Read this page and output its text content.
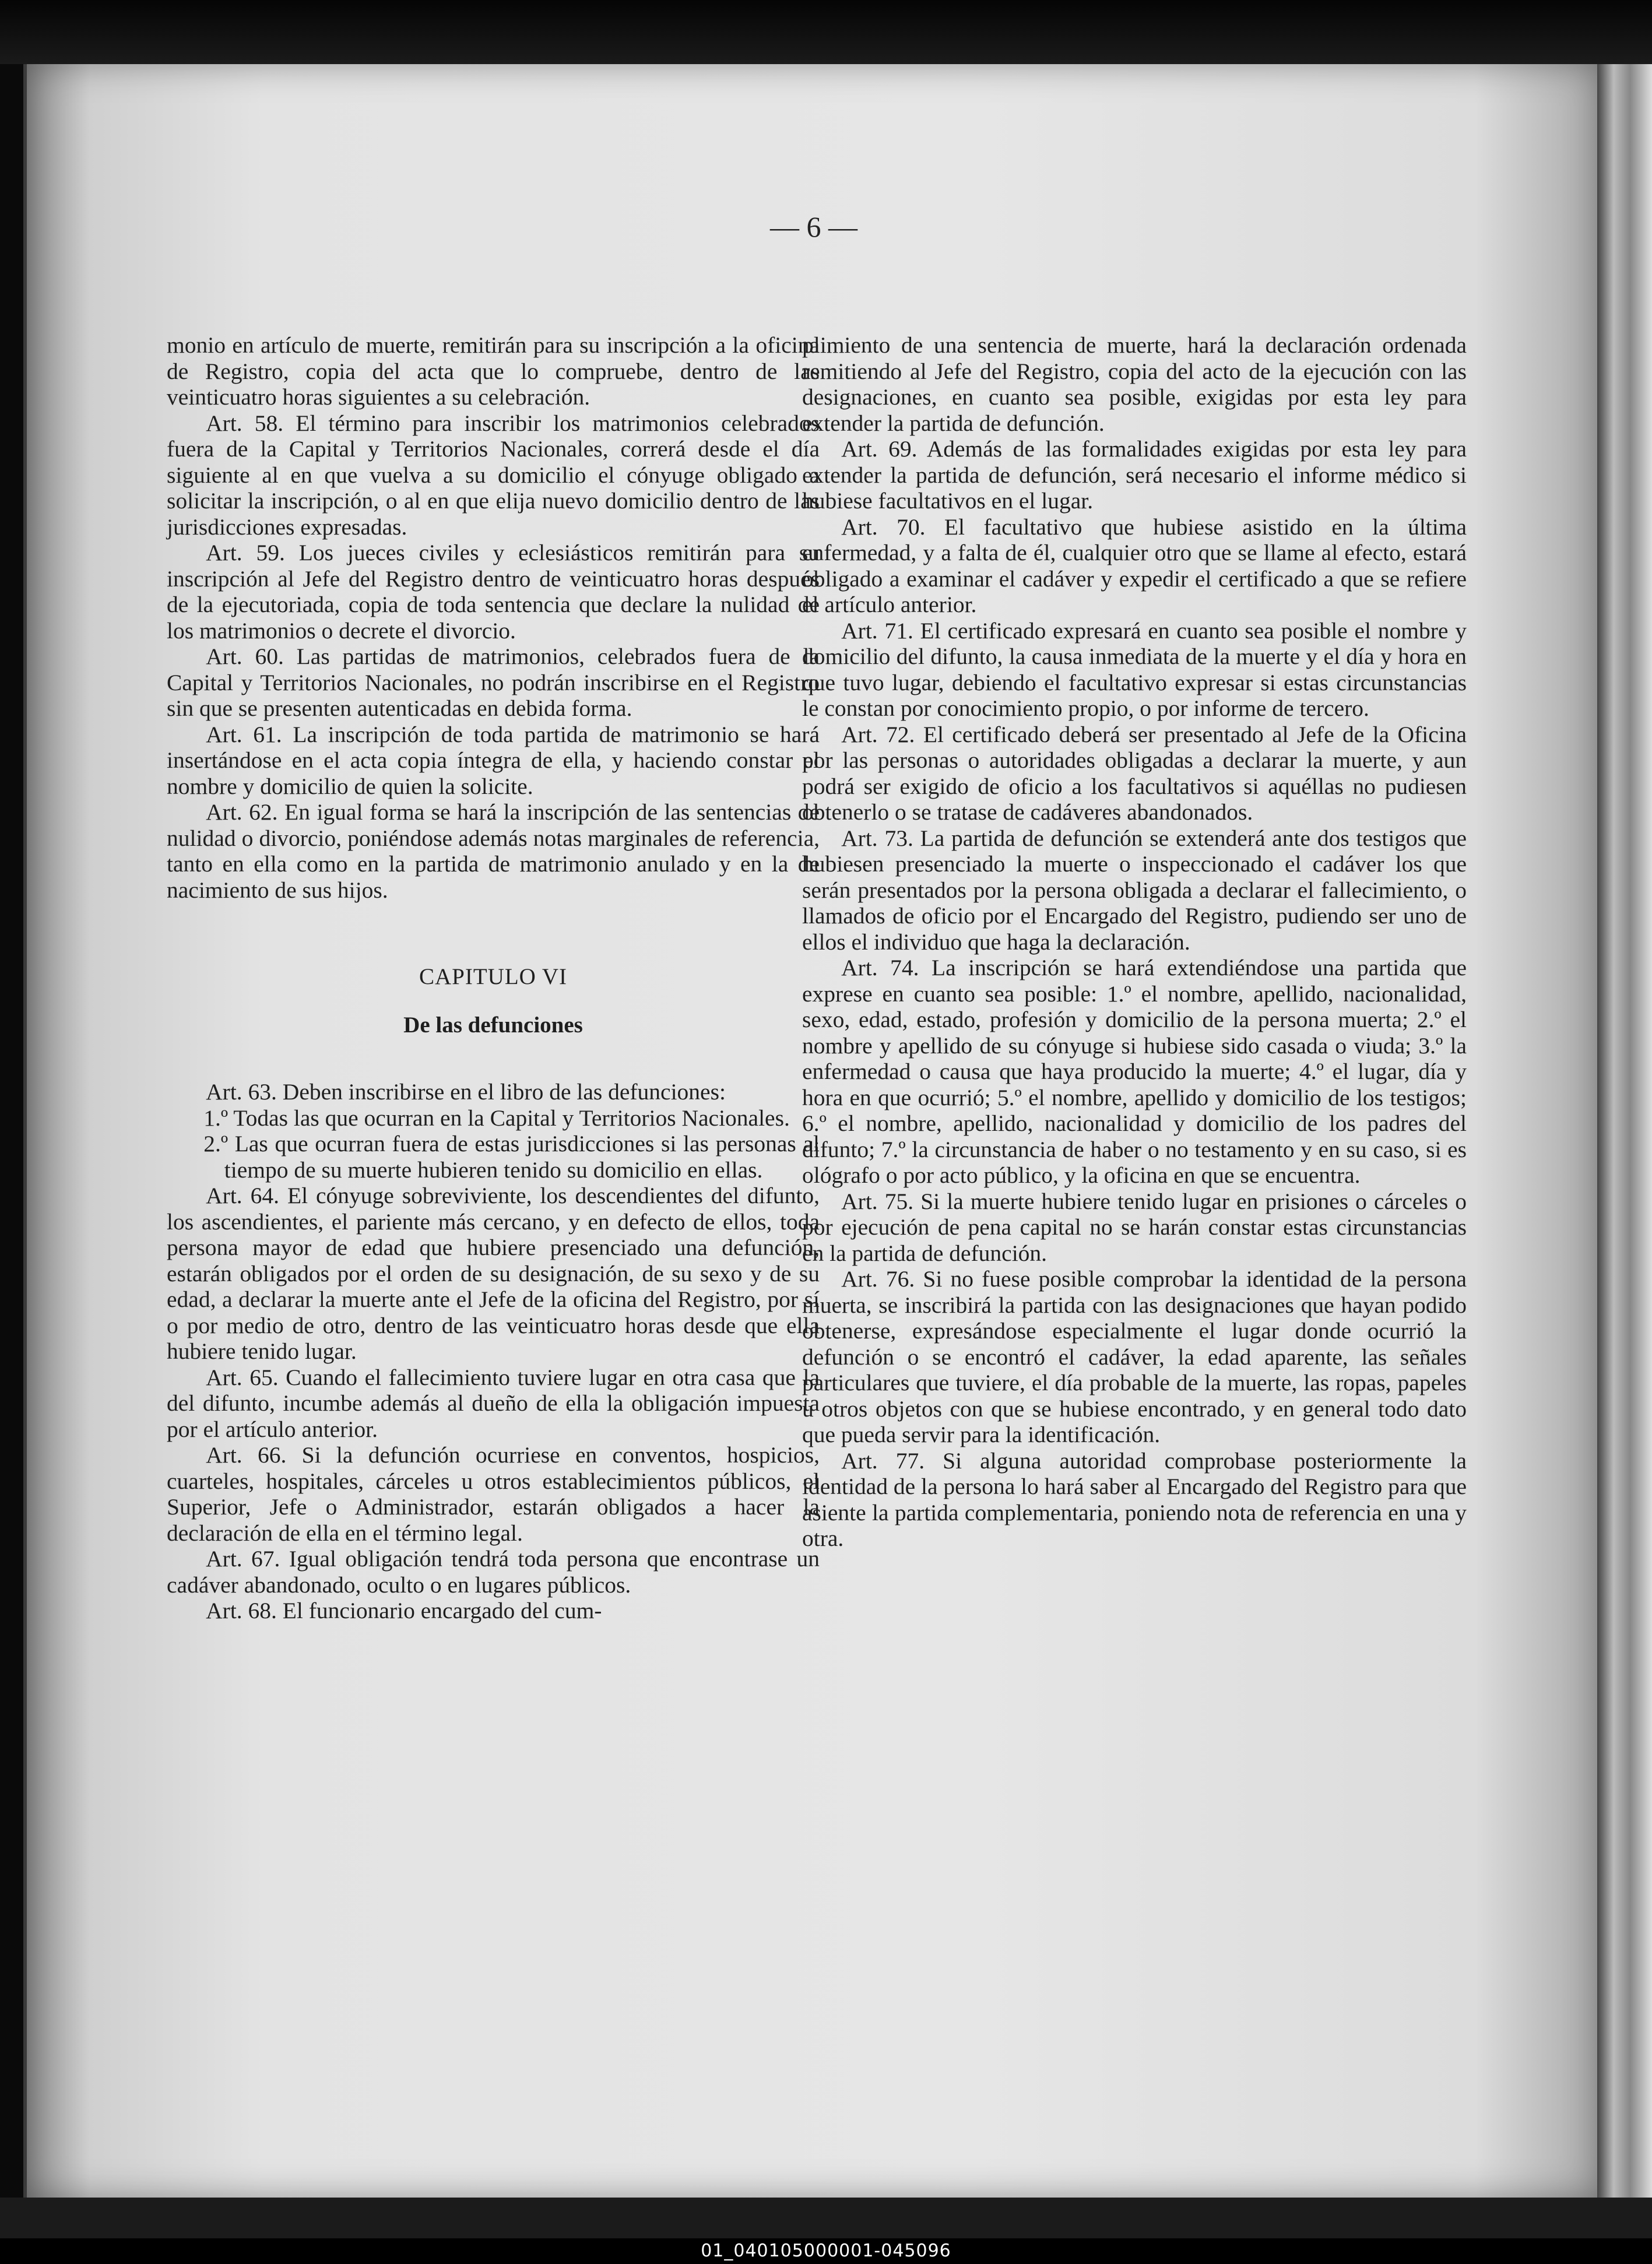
— 6 —

monio en artículo de muerte, remitirán para su inscripción a la oficina de Registro, copia del acta que lo compruebe, dentro de las veinticuatro horas siguientes a su celebración.

Art. 58. El término para inscribir los matrimonios celebrados fuera de la Capital y Territorios Nacionales, correrá desde el día siguiente al en que vuelva a su domicilio el cónyuge obligado a solicitar la inscripción, o al en que elija nuevo domicilio dentro de las jurisdicciones expresadas.

Art. 59. Los jueces civiles y eclesiásticos remitirán para su inscripción al Jefe del Registro dentro de veinticuatro horas después de la ejecutoriada, copia de toda sentencia que declare la nulidad de los matrimonios o decrete el divorcio.

Art. 60. Las partidas de matrimonios, celebrados fuera de la Capital y Territorios Nacionales, no podrán inscribirse en el Registro sin que se presenten autenticadas en debida forma.

Art. 61. La inscripción de toda partida de matrimonio se hará insertándose en el acta copia íntegra de ella, y haciendo constar el nombre y domicilio de quien la solicite.

Art. 62. En igual forma se hará la inscripción de las sentencias de nulidad o divorcio, poniéndose además notas marginales de referencia, tanto en ella como en la partida de matrimonio anulado y en la de nacimiento de sus hijos.

CAPITULO VI
De las defunciones

Art. 63. Deben inscribirse en el libro de las defunciones:

1.º Todas las que ocurran en la Capital y Territorios Nacionales.

2.º Las que ocurran fuera de estas jurisdicciones si las personas al tiempo de su muerte hubieren tenido su domicilio en ellas.

Art. 64. El cónyuge sobreviviente, los descendientes del difunto, los ascendientes, el pariente más cercano, y en defecto de ellos, toda persona mayor de edad que hubiere presenciado una defunción, estarán obligados por el orden de su designación, de su sexo y de su edad, a declarar la muerte ante el Jefe de la oficina del Registro, por sí o por medio de otro, dentro de las veinticuatro horas desde que ella hubiere tenido lugar.

Art. 65. Cuando el fallecimiento tuviere lugar en otra casa que la del difunto, incumbe además al dueño de ella la obligación impuesta por el artículo anterior.

Art. 66. Si la defunción ocurriese en conventos, hospicios, cuarteles, hospitales, cárceles u otros establecimientos públicos, el Superior, Jefe o Administrador, estarán obligados a hacer la declaración de ella en el término legal.

Art. 67. Igual obligación tendrá toda persona que encontrase un cadáver abandonado, oculto o en lugares públicos.

Art. 68. El funcionario encargado del cum-

plimiento de una sentencia de muerte, hará la declaración ordenada remitiendo al Jefe del Registro, copia del acto de la ejecución con las designaciones, en cuanto sea posible, exigidas por esta ley para extender la partida de defunción.

Art. 69. Además de las formalidades exigidas por esta ley para extender la partida de defunción, será necesario el informe médico si hubiese facultativos en el lugar.

Art. 70. El facultativo que hubiese asistido en la última enfermedad, y a falta de él, cualquier otro que se llame al efecto, estará obligado a examinar el cadáver y expedir el certificado a que se refiere el artículo anterior.

Art. 71. El certificado expresará en cuanto sea posible el nombre y domicilio del difunto, la causa inmediata de la muerte y el día y hora en que tuvo lugar, debiendo el facultativo expresar si estas circunstancias le constan por conocimiento propio, o por informe de tercero.

Art. 72. El certificado deberá ser presentado al Jefe de la Oficina por las personas o autoridades obligadas a declarar la muerte, y aun podrá ser exigido de oficio a los facultativos si aquéllas no pudiesen obtenerlo o se tratase de cadáveres abandonados.

Art. 73. La partida de defunción se extenderá ante dos testigos que hubiesen presenciado la muerte o inspeccionado el cadáver los que serán presentados por la persona obligada a declarar el fallecimiento, o llamados de oficio por el Encargado del Registro, pudiendo ser uno de ellos el individuo que haga la declaración.

Art. 74. La inscripción se hará extendiéndose una partida que exprese en cuanto sea posible: 1.º el nombre, apellido, nacionalidad, sexo, edad, estado, profesión y domicilio de la persona muerta; 2.º el nombre y apellido de su cónyuge si hubiese sido casada o viuda; 3.º la enfermedad o causa que haya producido la muerte; 4.º el lugar, día y hora en que ocurrió; 5.º el nombre, apellido y domicilio de los testigos; 6.º el nombre, apellido, nacionalidad y domicilio de los padres del difunto; 7.º la circunstancia de haber o no testamento y en su caso, si es ológrafo o por acto público, y la oficina en que se encuentra.

Art. 75. Si la muerte hubiere tenido lugar en prisiones o cárceles o por ejecución de pena capital no se harán constar estas circunstancias en la partida de defunción.

Art. 76. Si no fuese posible comprobar la identidad de la persona muerta, se inscribirá la partida con las designaciones que hayan podido obtenerse, expresándose especialmente el lugar donde ocurrió la defunción o se encontró el cadáver, la edad aparente, las señales particulares que tuviere, el día probable de la muerte, las ropas, papeles u otros objetos con que se hubiese encontrado, y en general todo dato que pueda servir para la identificación.

Art. 77. Si alguna autoridad comprobase posteriormente la identidad de la persona lo hará saber al Encargado del Registro para que asiente la partida complementaria, poniendo nota de referencia en una y otra.

01_040105000001-045096
